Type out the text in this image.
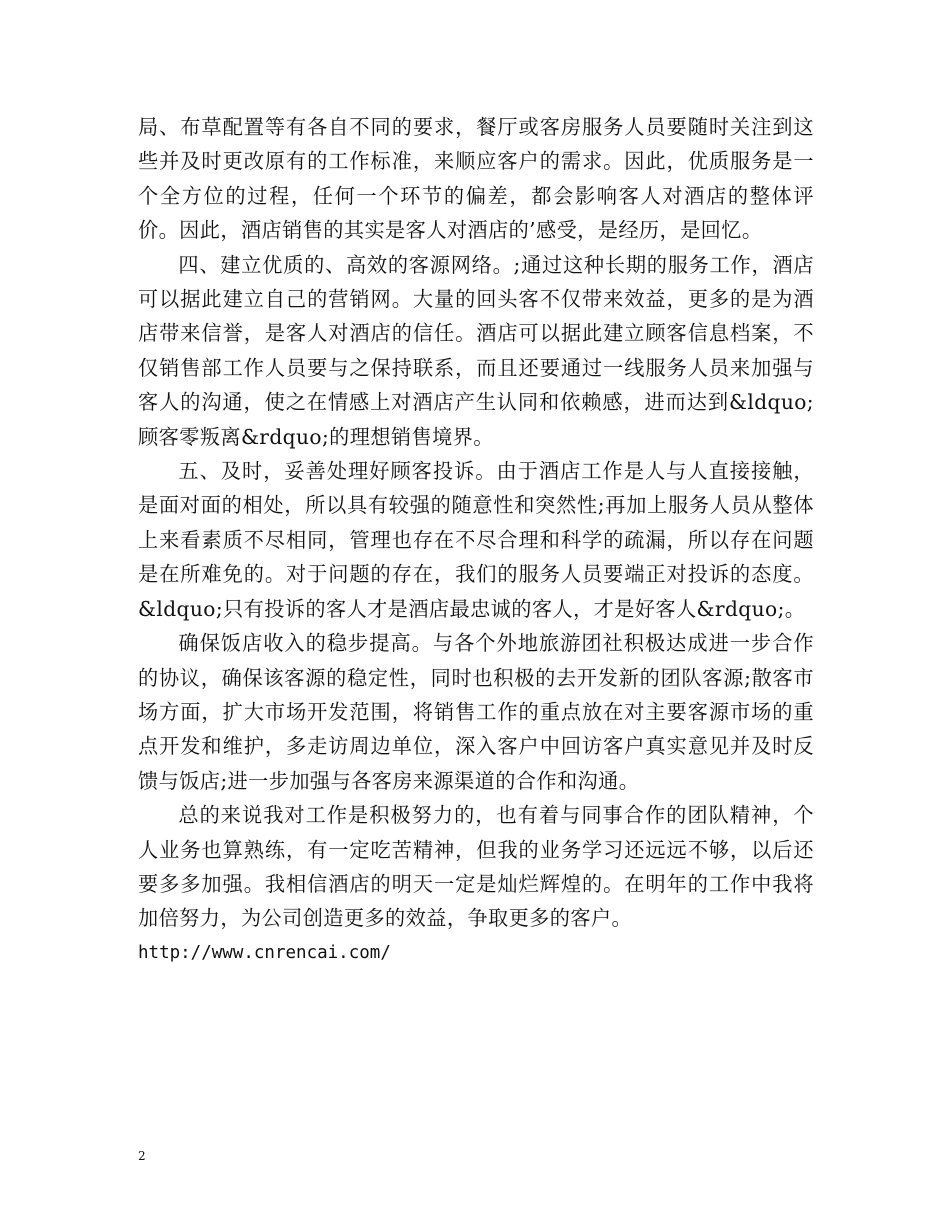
局、布草配置等有各自不同的要求，餐厅或客房服务人员要随时关注到这些并及时更改原有的工作标准，来顺应客户的需求。因此，优质服务是一个全方位的过程，任何一个环节的偏差，都会影响客人对酒店的整体评价。因此，酒店销售的其实是客人对酒店的’感受，是经历，是回忆。

四、建立优质的、高效的客源网络。;通过这种长期的服务工作，酒店可以据此建立自己的营销网。大量的回头客不仅带来效益，更多的是为酒店带来信誉，是客人对酒店的信任。酒店可以据此建立顾客信息档案，不仅销售部工作人员要与之保持联系，而且还要通过一线服务人员来加强与客人的沟通，使之在情感上对酒店产生认同和依赖感，进而达到&ldquo;顾客零叛离&rdquo;的理想销售境界。

五、及时，妥善处理好顾客投诉。由于酒店工作是人与人直接接触，是面对面的相处，所以具有较强的随意性和突然性;再加上服务人员从整体上来看素质不尽相同，管理也存在不尽合理和科学的疏漏，所以存在问题是在所难免的。对于问题的存在，我们的服务人员要端正对投诉的态度。&ldquo;只有投诉的客人才是酒店最忠诚的客人，才是好客人&rdquo;。

确保饭店收入的稳步提高。与各个外地旅游团社积极达成进一步合作的协议，确保该客源的稳定性，同时也积极的去开发新的团队客源;散客市场方面，扩大市场开发范围，将销售工作的重点放在对主要客源市场的重点开发和维护，多走访周边单位，深入客户中回访客户真实意见并及时反馈与饭店;进一步加强与各客房来源渠道的合作和沟通。

总的来说我对工作是积极努力的，也有着与同事合作的团队精神，个人业务也算熟练，有一定吃苦精神，但我的业务学习还远远不够，以后还要多多加强。我相信酒店的明天一定是灿烂辉煌的。在明年的工作中我将加倍努力，为公司创造更多的效益，争取更多的客户。

http://www.cnrencai.com/

2
